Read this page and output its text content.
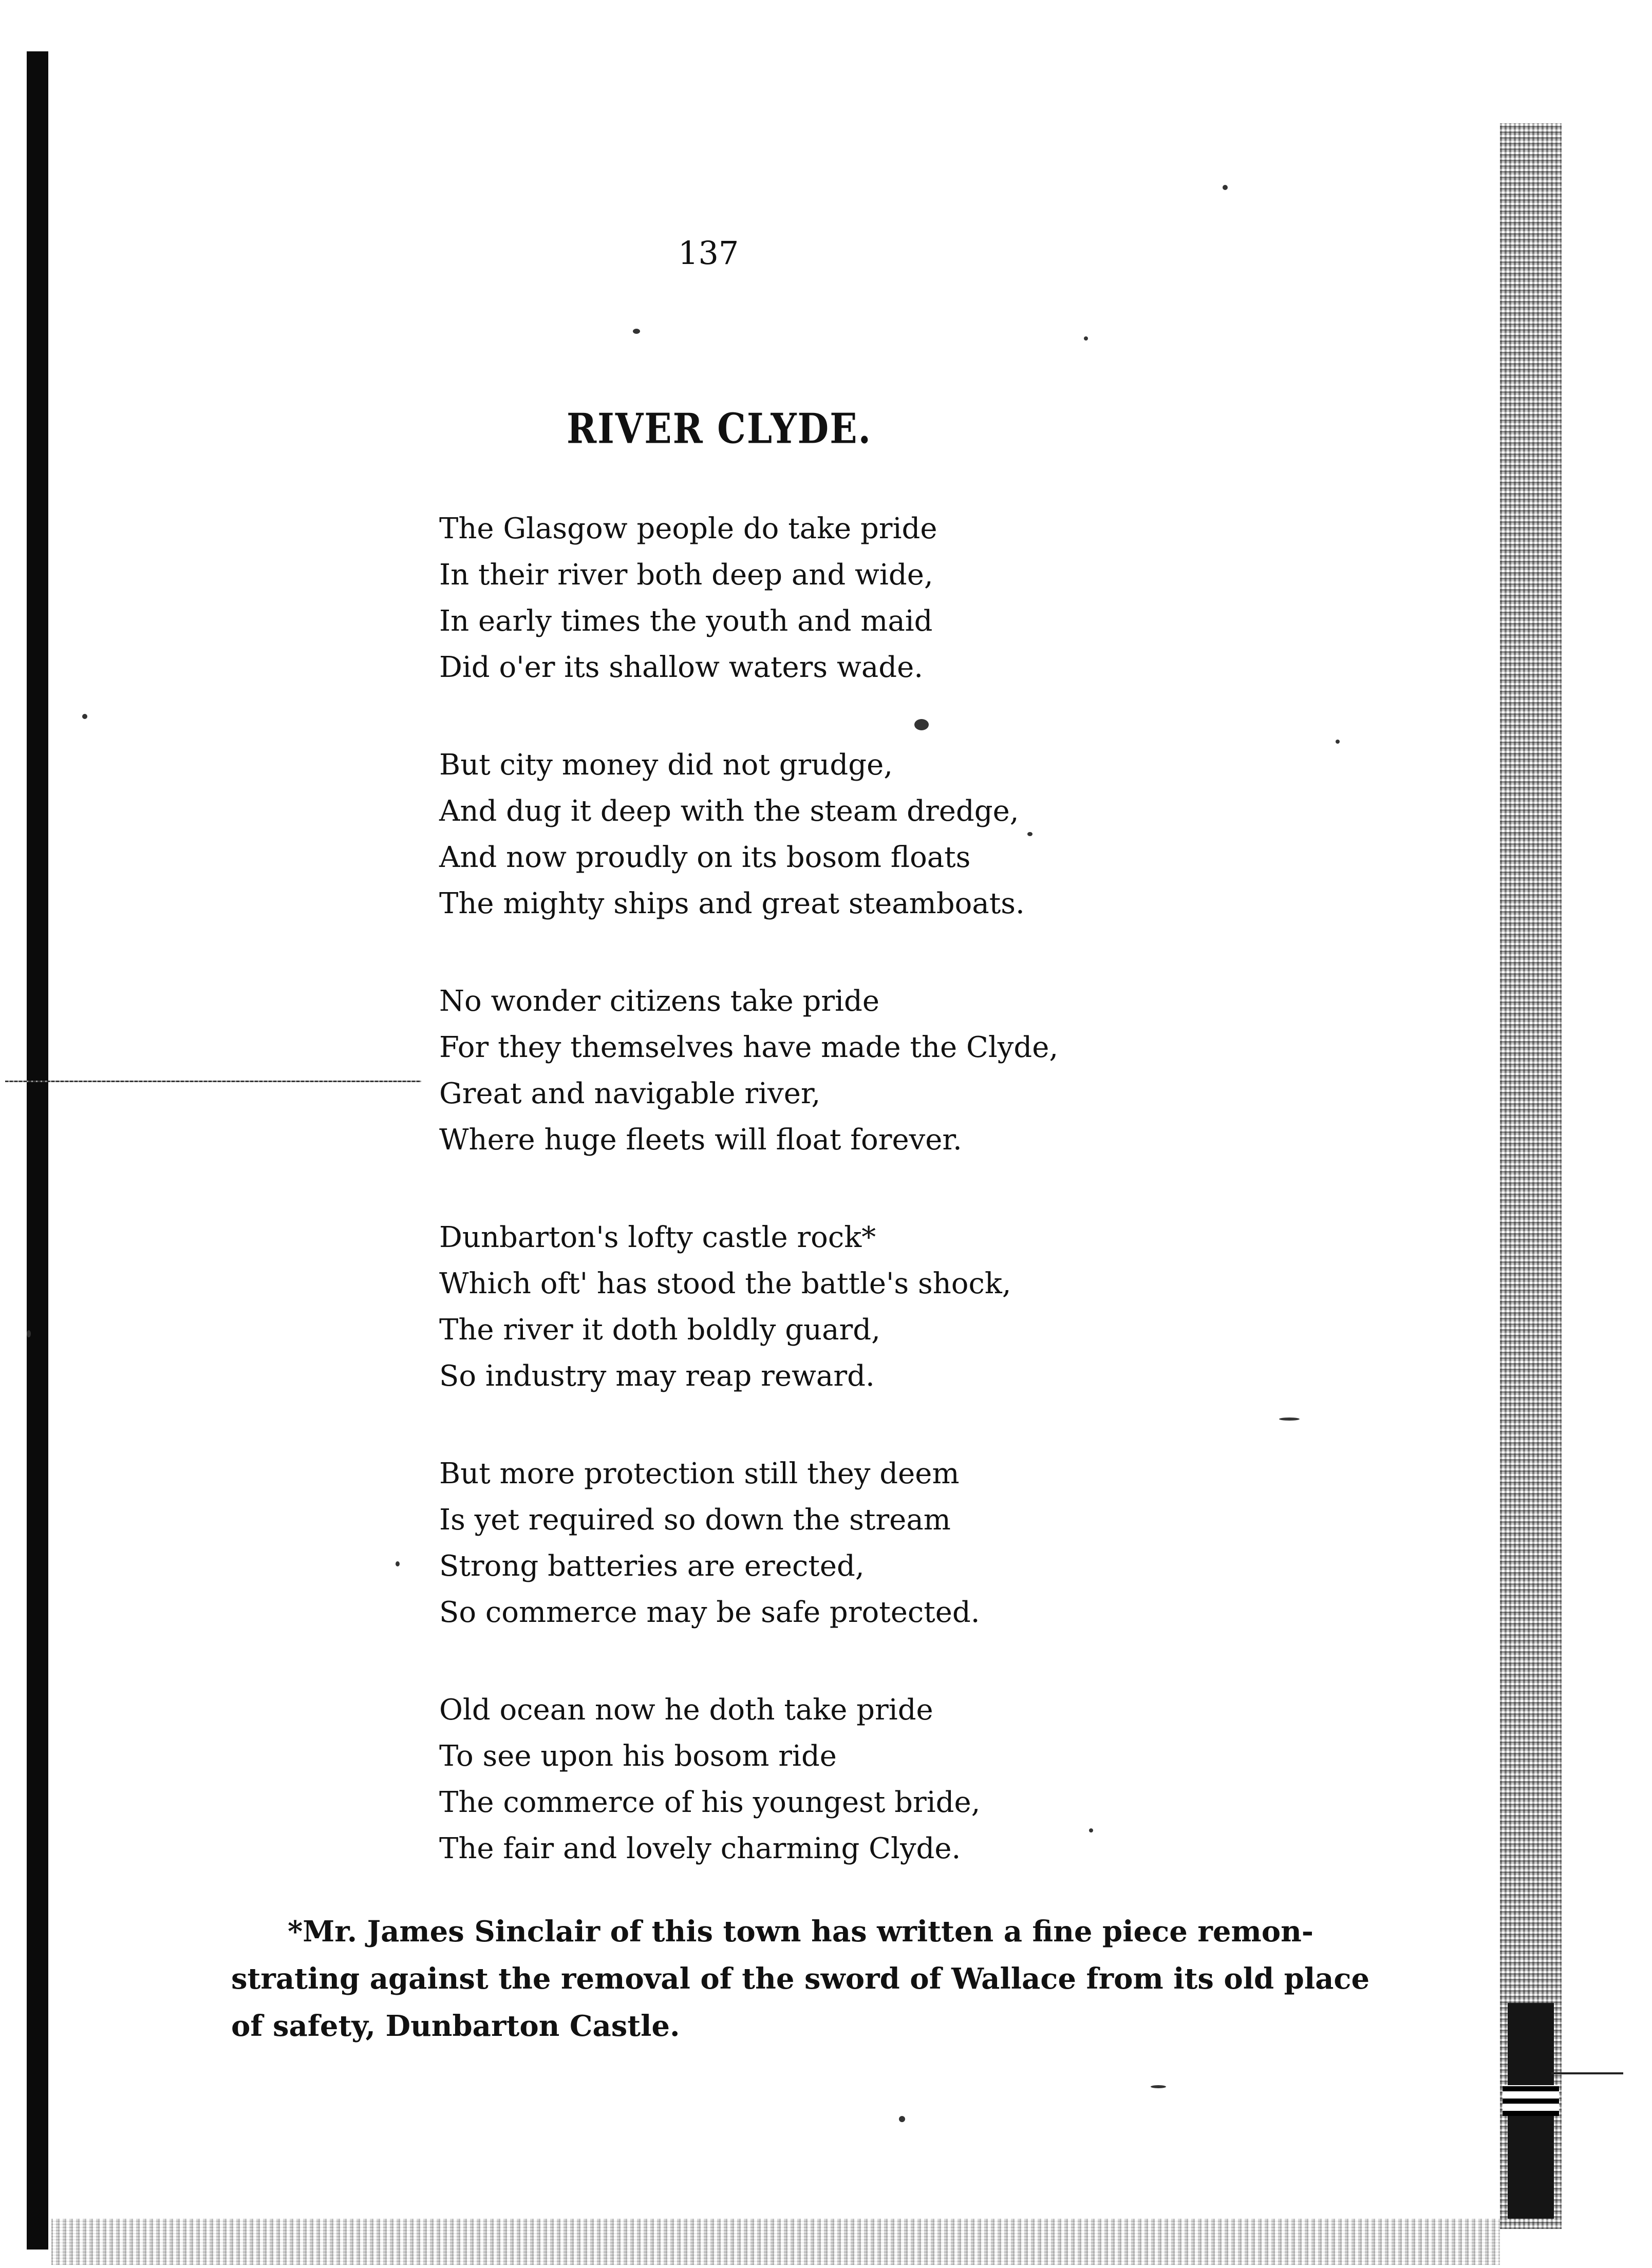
137
RIVER CLYDE.
The Glasgow people do take pride
In their river both deep and wide,
In early times the youth and maid
Did o'er its shallow waters wade.
But city money did not grudge,
And dug it deep with the steam dredge,
And now proudly on its bosom floats
The mighty ships and great steamboats.
No wonder citizens take pride
For they themselves have made the Clyde,
Great and navigable river,
Where huge fleets will float forever.
Dunbarton's lofty castle rock*
Which oft' has stood the battle's shock,
The river it doth boldly guard,
So industry may reap reward.
But more protection still they deem
Is yet required so down the stream
Strong batteries are erected,
So commerce may be safe protected.
Old ocean now he doth take pride
To see upon his bosom ride
The commerce of his youngest bride,
The fair and lovely charming Clyde.
*Mr. James Sinclair of this town has written a fine piece remon-
strating against the removal of the sword of Wallace from its old place
of safety, Dunbarton Castle.
